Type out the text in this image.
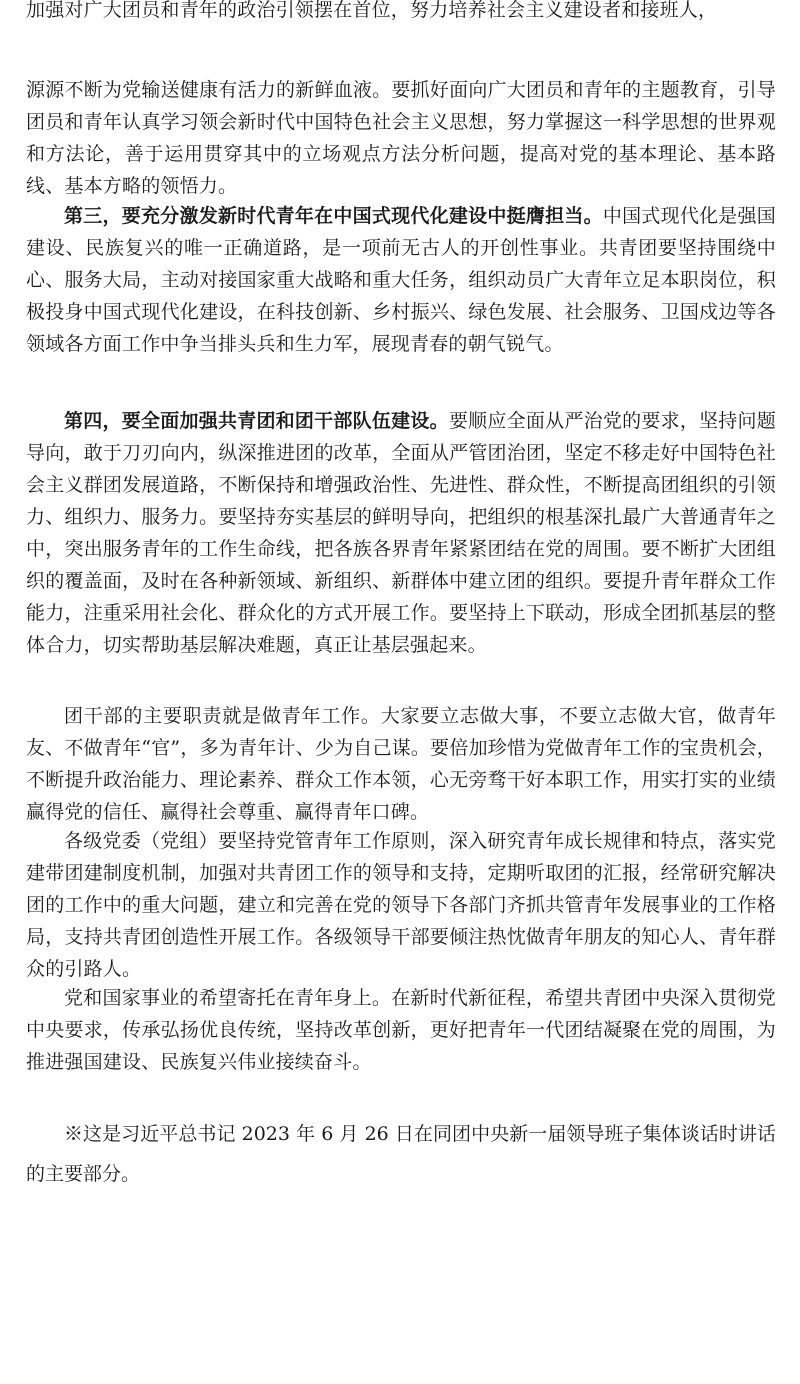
加强对广大团员和青年的政治引领摆在首位，努力培养社会主义建设者和接班人，

源源不断为党输送健康有活力的新鲜血液。要抓好面向广大团员和青年的主题教育，引导团员和青年认真学习领会新时代中国特色社会主义思想，努力掌握这一科学思想的世界观和方法论，善于运用贯穿其中的立场观点方法分析问题，提高对党的基本理论、基本路线、基本方略的领悟力。

第三，要充分激发新时代青年在中国式现代化建设中挺膺担当。中国式现代化是强国建设、民族复兴的唯一正确道路，是一项前无古人的开创性事业。共青团要坚持围绕中心、服务大局，主动对接国家重大战略和重大任务，组织动员广大青年立足本职岗位，积极投身中国式现代化建设，在科技创新、乡村振兴、绿色发展、社会服务、卫国戍边等各领域各方面工作中争当排头兵和生力军，展现青春的朝气锐气。

第四，要全面加强共青团和团干部队伍建设。要顺应全面从严治党的要求，坚持问题导向，敢于刀刃向内，纵深推进团的改革，全面从严管团治团，坚定不移走好中国特色社会主义群团发展道路，不断保持和增强政治性、先进性、群众性，不断提高团组织的引领力、组织力、服务力。要坚持夯实基层的鲜明导向，把组织的根基深扎最广大普通青年之中，突出服务青年的工作生命线，把各族各界青年紧紧团结在党的周围。要不断扩大团组织的覆盖面，及时在各种新领域、新组织、新群体中建立团的组织。要提升青年群众工作能力，注重采用社会化、群众化的方式开展工作。要坚持上下联动，形成全团抓基层的整体合力，切实帮助基层解决难题，真正让基层强起来。

团干部的主要职责就是做青年工作。大家要立志做大事，不要立志做大官，做青年友、不做青年“官”，多为青年计、少为自己谋。要倍加珍惜为党做青年工作的宝贵机会，不断提升政治能力、理论素养、群众工作本领，心无旁骛干好本职工作，用实打实的业绩赢得党的信任、赢得社会尊重、赢得青年口碑。

各级党委（党组）要坚持党管青年工作原则，深入研究青年成长规律和特点，落实党建带团建制度机制，加强对共青团工作的领导和支持，定期听取团的汇报，经常研究解决团的工作中的重大问题，建立和完善在党的领导下各部门齐抓共管青年发展事业的工作格局，支持共青团创造性开展工作。各级领导干部要倾注热忱做青年朋友的知心人、青年群众的引路人。

党和国家事业的希望寄托在青年身上。在新时代新征程，希望共青团中央深入贯彻党中央要求，传承弘扬优良传统，坚持改革创新，更好把青年一代团结凝聚在党的周围，为推进强国建设、民族复兴伟业接续奋斗。

※这是习近平总书记 2023 年 6 月 26 日在同团中央新一届领导班子集体谈话时讲话的主要部分。
